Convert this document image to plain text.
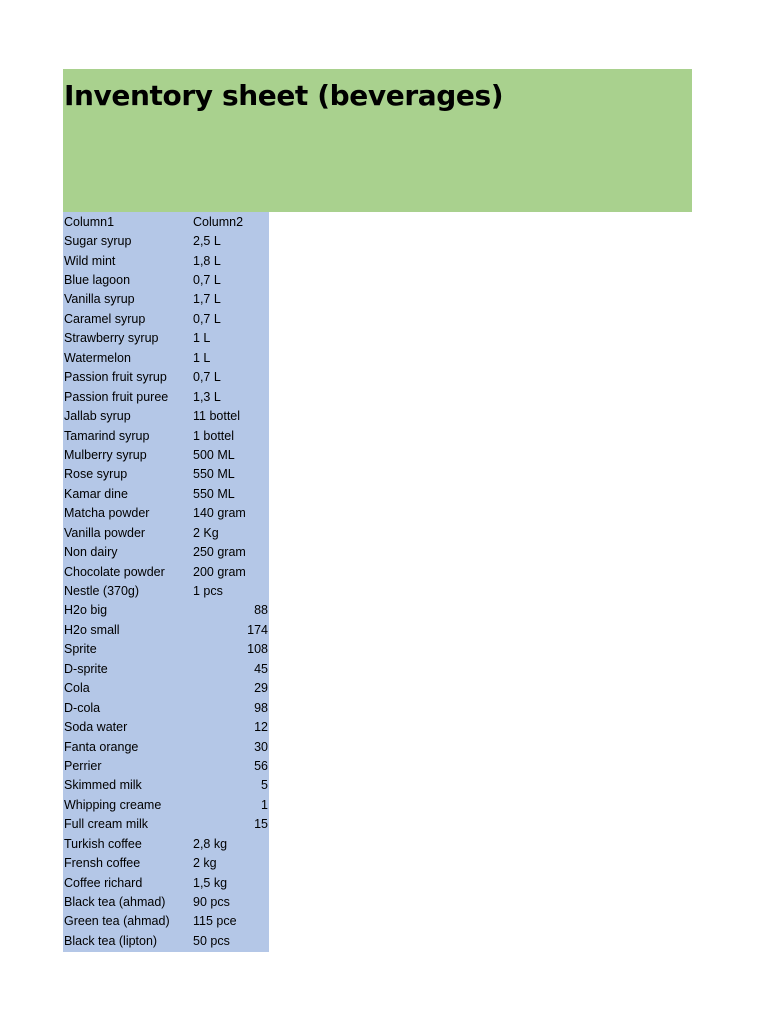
Inventory sheet (beverages)
Column1	Column2
Sugar syrup	2,5 L
Wild mint	1,8 L
Blue lagoon	0,7 L
Vanilla syrup	1,7 L
Caramel syrup	0,7 L
Strawberry syrup	1 L
Watermelon	1 L
Passion fruit syrup	0,7 L
Passion fruit puree	1,3 L
Jallab syrup	11 bottel
Tamarind syrup	1 bottel
Mulberry syrup	500 ML
Rose syrup	550 ML
Kamar dine	550 ML
Matcha powder	140 gram
Vanilla powder	2 Kg
Non dairy	250 gram
Chocolate powder	200 gram
Nestle (370g)	1 pcs
H2o big	88
H2o small	174
Sprite	108
D-sprite	45
Cola	29
D-cola	98
Soda water	12
Fanta orange	30
Perrier	56
Skimmed milk	5
Whipping creame	1
Full cream milk	15
Turkish coffee	2,8 kg
Frensh coffee	2 kg
Coffee richard	1,5 kg
Black tea (ahmad)	90 pcs
Green tea (ahmad)	115 pce
Black tea (lipton)	50 pcs
